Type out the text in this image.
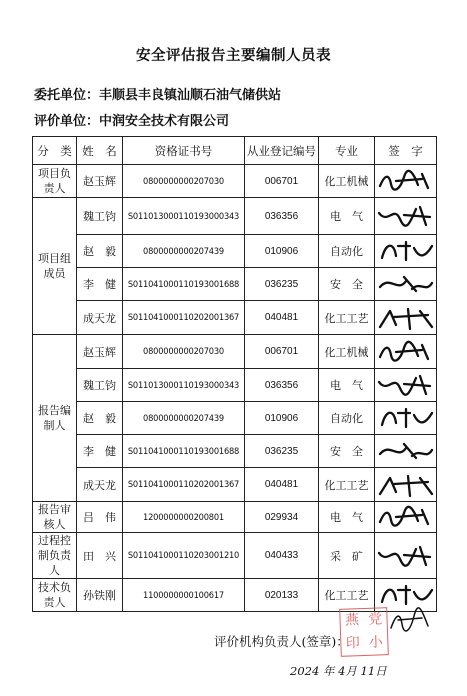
安全评估报告主要编制人员表
委托单位：丰顺县丰良镇汕顺石油气储供站
评价单位：中润安全技术有限公司
分　类	姓　名	资格证书号	从业登记编号	专业	签　字
项目负责人	赵玉辉	0800000000207030	006701	化工机械	

项目组成员	魏工钧	S011013000110193000343	036356	电　气	

	赵　毅	0800000000207439	010906	自动化	

	李　健	S011041000110193001688	036235	安　全	

	成天龙	S011041000110202001367	040481	化工工艺	

报告编制人	赵玉辉	0800000000207030	006701	化工机械	

	魏工钧	S011013000110193000343	036356	电　气	

	赵　毅	0800000000207439	010906	自动化	

	李　健	S011041000110193001688	036235	安　全	

	成天龙	S011041000110202001367	040481	化工工艺	

报告审核人	吕　伟	1200000000200801	029934	电　气	

过程控制负责人	田　兴	S011041000110203001210	040433	采　矿	

技术负责人	孙铁刚	1100000000100617	020133	化工工艺	
评价机构负责人(签章)：
燕 党
印 小
2024 年 4月 11日
